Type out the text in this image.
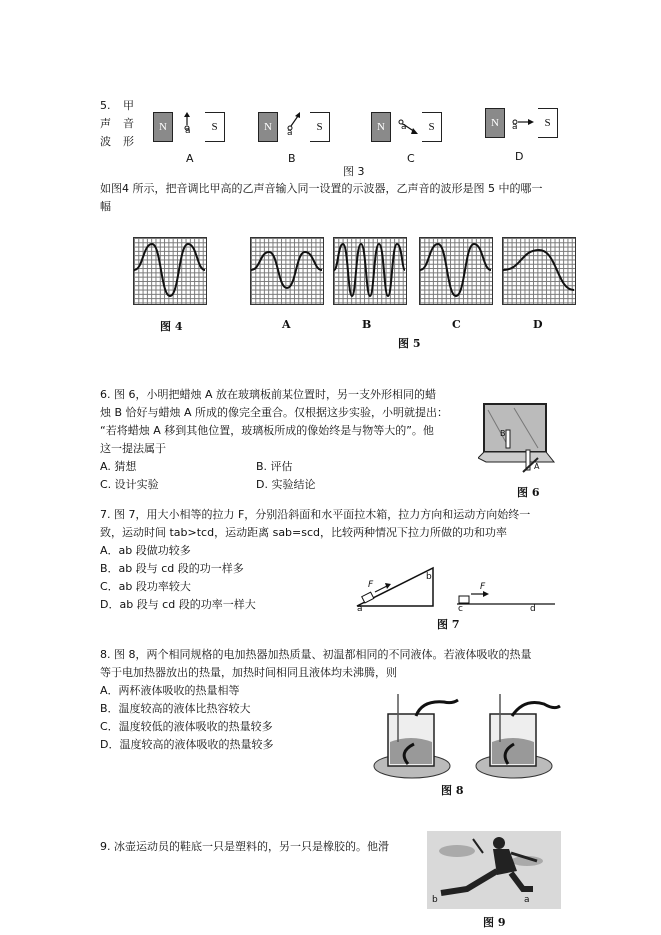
5. 甲
声 音
波 形
N	S
a
A
N	S
a
B
N	S
a
C
N	S
a
D
图 3
如图4 所示，把音调比甲高的乙声音输入同一设置的示波器，乙声音的波形是图 5 中的哪一
幅
图 4	A	B	C	D
图 5
6. 图 6，小明把蜡烛 A 放在玻璃板前某位置时，另一支外形相同的蜡
烛 B 恰好与蜡烛 A 所成的像完全重合。仅根据这步实验，小明就提出：
“若将蜡烛 A 移到其他位置，玻璃板所成的像始终是与物等大的”。他
这一提法属于
A. 猜想	B. 评估
C. 设计实验	D. 实验结论
B
A
图 6
7. 图 7，用大小相等的拉力 F，分别沿斜面和水平面拉木箱，拉力方向和运动方向始终一
致，运动时间 tab>tcd，运动距离 sab=scd，比较两种情况下拉力所做的功和功率
A．ab 段做功较多
B．ab 段与 cd 段的功一样多
C．ab 段功率较大
D．ab 段与 cd 段的功率一样大
F
a
b
F
c	d
图 7
8. 图 8，两个相同规格的电加热器加热质量、初温都相同的不同液体。若液体吸收的热量
等于电加热器放出的热量，加热时间相同且液体均未沸腾，则
A．两杯液体吸收的热量相等
B．温度较高的液体比热容较大
C．温度较低的液体吸收的热量较多
D．温度较高的液体吸收的热量较多
图 8
9. 冰壶运动员的鞋底一只是塑料的，另一只是橡胶的。他滑
b	a
图 9
